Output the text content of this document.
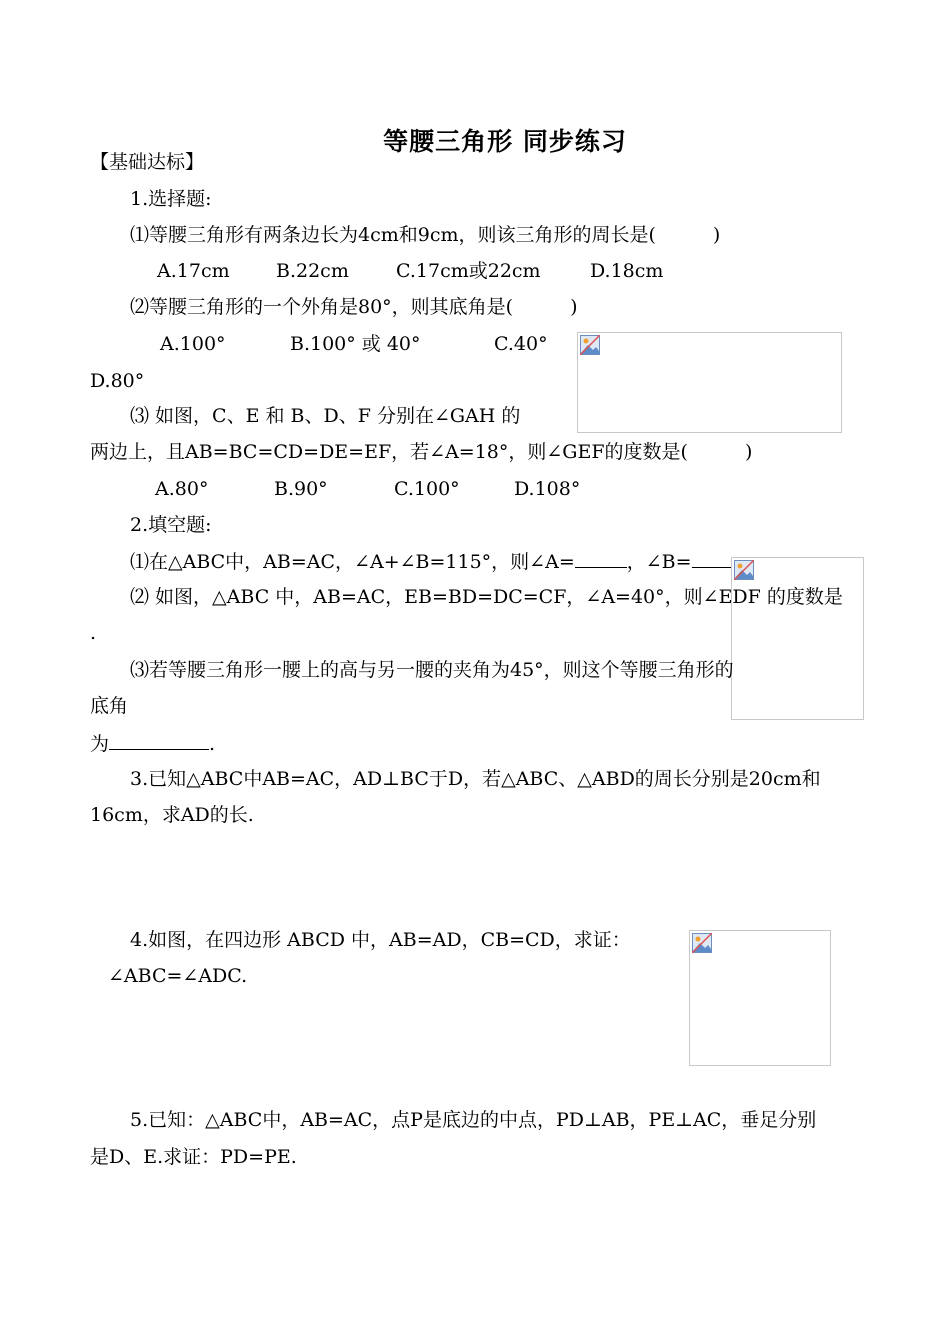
等腰三角形 同步练习
【基础达标】
1.选择题:
⑴等腰三角形有两条边长为4cm和9cm，则该三角形的周长是(　　　)
A.17cm B.22cm C.17cm或22cm	D.18cm
⑵等腰三角形的一个外角是80°，则其底角是(　　　)
A.100°	B.100° 或 40°	C.40°
D.80°
⑶ 如图，C、E 和 B、D、F 分别在∠GAH 的
两边上，且AB=BC=CD=DE=EF，若∠A=18°，则∠GEF的度数是(　　　)
A.80°	B.90°	C.100°	D.108°
2.填空题:
⑴在△ABC中，AB=AC，∠A+∠B=115°，则∠A=	，∠B=
⑵ 如图，△ABC 中，AB=AC，EB=BD=DC=CF，∠A=40°，则∠EDF 的度数是
.
⑶若等腰三角形一腰上的高与另一腰的夹角为45°，则这个等腰三角形的
底角
为	.
3.已知△ABC中AB=AC，AD⊥BC于D，若△ABC、△ABD的周长分别是20cm和
16cm，求AD的长.
4.如图，在四边形 ABCD 中，AB=AD，CB=CD，求证：
∠ABC=∠ADC.
5.已知：△ABC中，AB=AC，点P是底边的中点，PD⊥AB，PE⊥AC，垂足分别
是D、E.求证：PD=PE.
